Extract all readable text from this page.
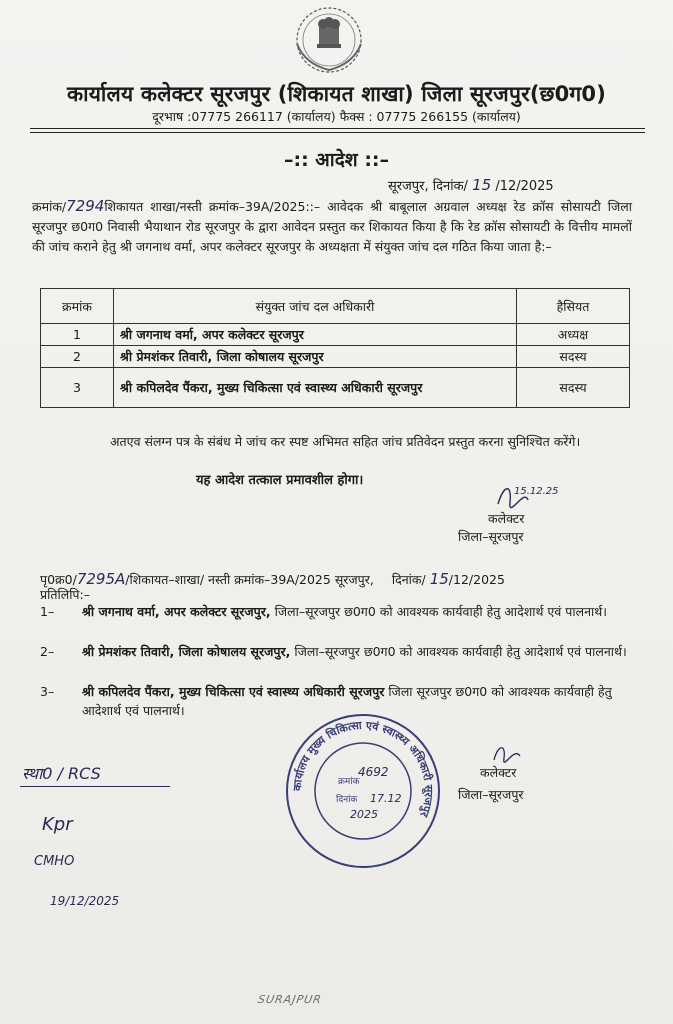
कार्यालय कलेक्टर सूरजपुर (शिकायत शाखा) जिला सूरजपुर(छ0ग0)
दूरभाष :07775 266117 (कार्यालय) फैक्स : 07775 266155 (कार्यालय)
–:: आदेश ::–
सूरजपुर, दिनांक/ 15 /12/2025
क्रमांक/7294शिकायत शाखा/नस्ती क्रमांक–39A/2025::– आवेदक श्री बाबूलाल अग्रवाल अध्यक्ष रेड क्रॉस सोसायटी जिला सूरजपुर छ0ग0 निवासी भैयाथान रोड सूरजपुर के द्वारा आवेदन प्रस्तुत कर शिकायत किया है कि रेड क्रॉस सोसायटी के वित्तीय मामलों की जांच कराने हेतु श्री जगनाथ वर्मा, अपर कलेक्टर सूरजपुर के अध्यक्षता में संयुक्त जांच दल गठित किया जाता है:–
क्रमांक	संयुक्त जांच दल अधिकारी	हैसियत
1	श्री जगनाथ वर्मा, अपर कलेक्टर सूरजपुर	अध्यक्ष
2	श्री प्रेमशंकर तिवारी, जिला कोषालय सूरजपुर	सदस्य
3	श्री कपिलदेव पैंकरा, मुख्य चिकित्सा एवं स्वास्थ्य अधिकारी सूरजपुर	सदस्य
अतएव संलग्न पत्र के संबंध मे जांच कर स्पष्ट अभिमत सहित जांच प्रतिवेदन प्रस्तुत करना सुनिश्चित करेंगे।
यह आदेश तत्काल प्रमावशील होगा।
15.12.25
कलेक्टर
जिला–सूरजपुर
पृ0क्र0/7295A/शिकायत–शाखा/ नस्ती क्रमांक–39A/2025 सूरजपुर, दिनांक/ 15/12/2025
प्रतिलिपि:–
1–	श्री जगनाथ वर्मा, अपर कलेक्टर सूरजपुर, जिला–सूरजपुर छ0ग0 को आवश्यक कार्यवाही हेतु आदेशार्थ एवं पालनार्थ।
2–	श्री प्रेमशंकर तिवारी, जिला कोषालय सूरजपुर, जिला–सूरजपुर छ0ग0 को आवश्यक कार्यवाही हेतु आदेशार्थ एवं पालनार्थ।
3–	श्री कपिलदेव पैंकरा, मुख्य चिकित्सा एवं स्वास्थ्य अधिकारी सूरजपुर जिला सूरजपुर छ0ग0 को आवश्यक कार्यवाही हेतु आदेशार्थ एवं पालनार्थ।
कार्यालय मुख्य चिकित्सा एवं स्वास्थ्य अधिकारी सूरजपुर
क्रमांक
4692
दिनांक 17.12
2025
कलेक्टर
जिला–सूरजपुर
स्था0 / RCS
Kpr
CMHO
19/12/2025
SURAJPUR
